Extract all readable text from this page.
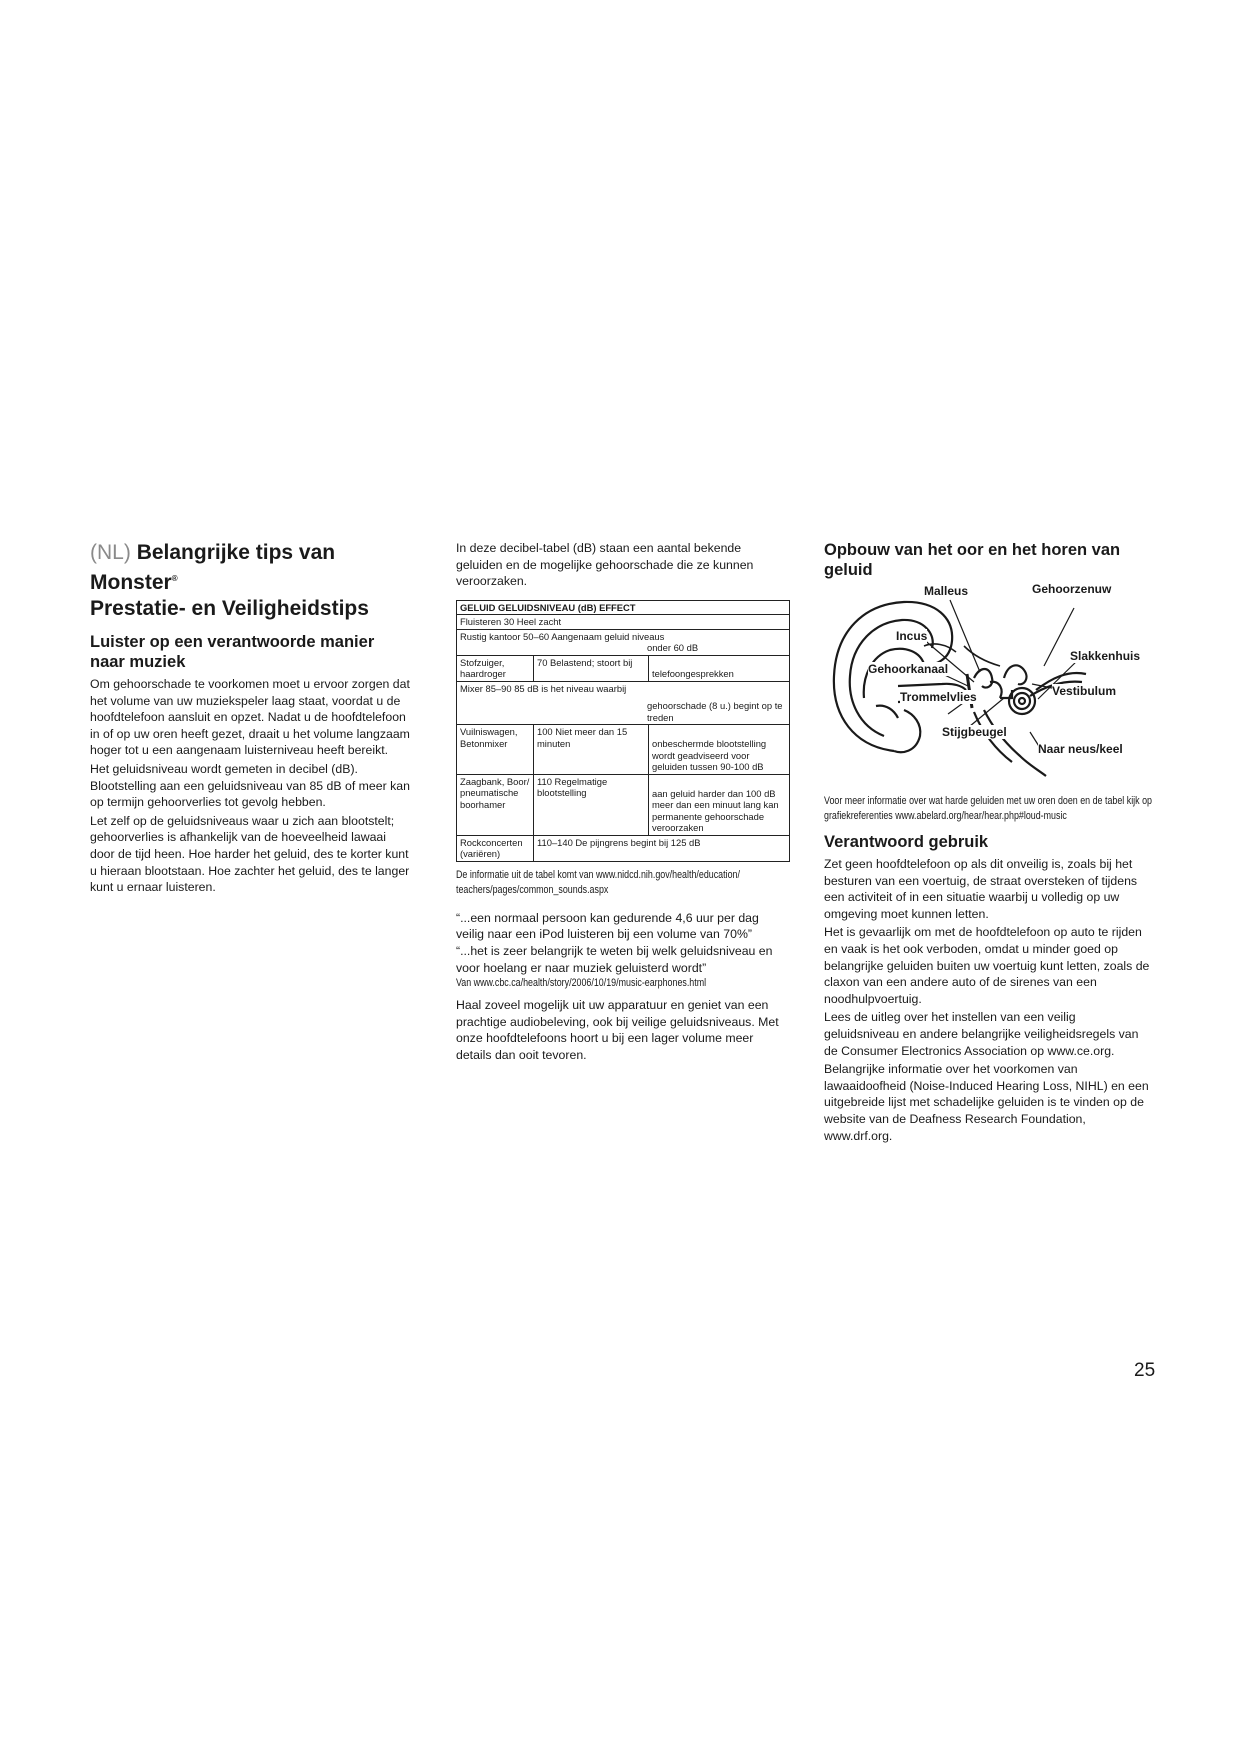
(NL) Belangrijke tips van Monster®
Prestatie- en Veiligheidstips
Luister op een verantwoorde manier naar muziek

Om gehoorschade te voorkomen moet u ervoor zorgen dat het volume van uw muziekspeler laag staat, voordat u de hoofdtelefoon aansluit en opzet. Nadat u de hoofdtelefoon in of op uw oren heeft gezet, draait u het volume langzaam hoger tot u een aangenaam luisterniveau heeft bereikt.

Het geluidsniveau wordt gemeten in decibel (dB). Blootstelling aan een geluidsniveau van 85 dB of meer kan op termijn gehoorverlies tot gevolg hebben.

Let zelf op de geluidsniveaus waar u zich aan blootstelt; gehoorverlies is afhankelijk van de hoeveelheid lawaai door de tijd heen. Hoe harder het geluid, des te korter kunt u hieraan blootstaan. Hoe zachter het geluid, des te langer kunt u ernaar luisteren.

In deze decibel-tabel (dB) staan een aantal bekende geluiden en de mogelijke gehoorschade die ze kunnen veroorzaken.

GELUID GELUIDSNIVEAU (dB) EFFECT		
Fluisteren 30 Heel zacht		

Rustig kantoor 50–60 Aangenaam geluid niveaus
onder 60 dB		

Stofzuiger, haardroger	70 Belastend; stoort bij	telefoongesprekken

Mixer 85–90 85 dB is het niveau waarbij
gehoorschade (8 u.) begint op te treden		

Vuilniswagen, Betonmixer	100 Niet meer dan 15 minuten	onbeschermde blootstelling wordt geadviseerd voor geluiden tussen 90-100 dB
Zaagbank, Boor/ pneumatische boorhamer	110 Regelmatige blootstelling	aan geluid harder dan 100 dB meer dan een minuut lang kan permanente gehoorschade veroorzaken
Rockconcerten (variëren)	110–140 De pijngrens begint bij 125 dB	
De informatie uit de tabel komt van www.nidcd.nih.gov/health/education/ teachers/pages/common_sounds.aspx
“...een normaal persoon kan gedurende 4,6 uur per dag veilig naar een iPod luisteren bij een volume van 70%”
“...het is zeer belangrijk te weten bij welk geluidsniveau en voor hoelang er naar muziek geluisterd wordt”
Van www.cbc.ca/health/story/2006/10/19/music-earphones.html

Haal zoveel mogelijk uit uw apparatuur en geniet van een prachtige audiobeleving, ook bij veilige geluidsniveaus. Met onze hoofdtelefoons hoort u bij een lager volume meer details dan ooit tevoren.

Opbouw van het oor en het horen van geluid
Malleus	Gehoorzenuw
Incus
Slakkenhuis
Gehoorkanaal
Vestibulum
Trommelvlies
Stijgbeugel
Naar neus/keel
Voor meer informatie over wat harde geluiden met uw oren doen en de tabel kijk op grafiekreferenties www.abelard.org/hear/hear.php#loud-music
Verantwoord gebruik

Zet geen hoofdtelefoon op als dit onveilig is, zoals bij het besturen van een voertuig, de straat oversteken of tijdens een activiteit of in een situatie waarbij u volledig op uw omgeving moet kunnen letten.

Het is gevaarlijk om met de hoofdtelefoon op auto te rijden en vaak is het ook verboden, omdat u minder goed op belangrijke geluiden buiten uw voertuig kunt letten, zoals de claxon van een andere auto of de sirenes van een noodhulpvoertuig.

Lees de uitleg over het instellen van een veilig geluidsniveau en andere belangrijke veiligheidsregels van de Consumer Electronics Association op www.ce.org.

Belangrijke informatie over het voorkomen van lawaaidoofheid (Noise-Induced Hearing Loss, NIHL) en een uitgebreide lijst met schadelijke geluiden is te vinden op de website van de Deafness Research Foundation, www.drf.org.

25
